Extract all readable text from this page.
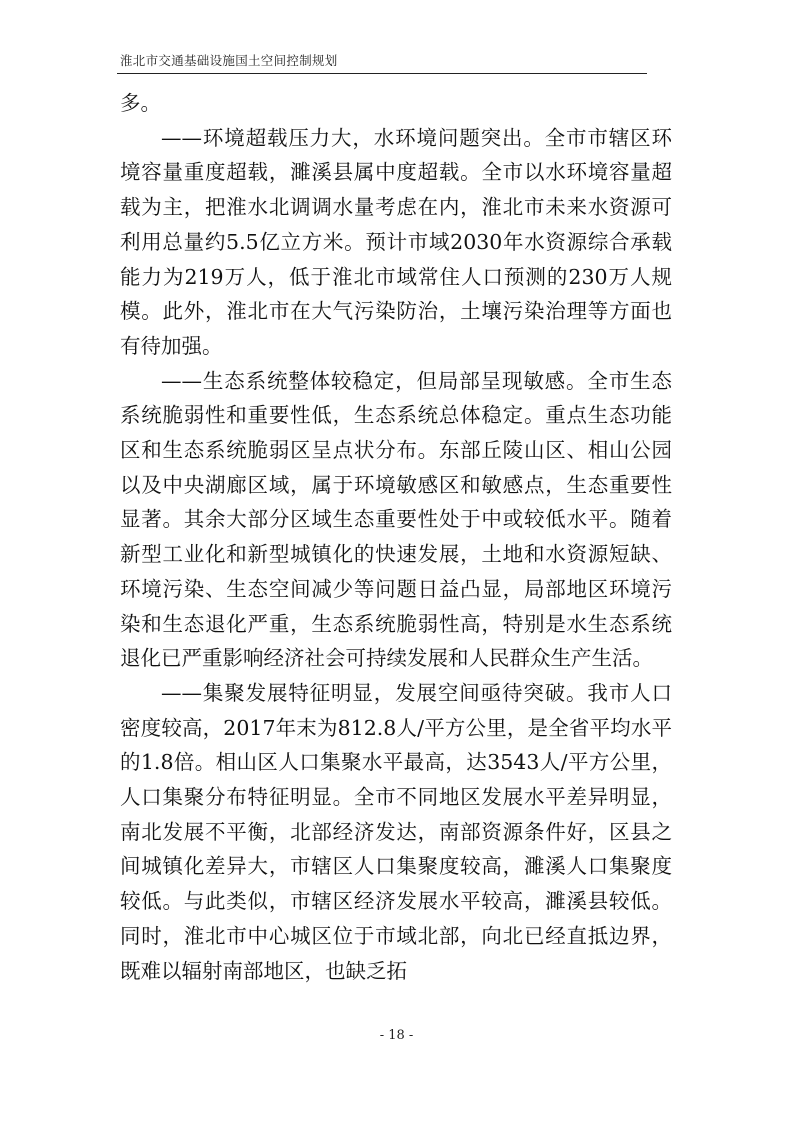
淮北市交通基础设施国土空间控制规划

多。

——环境超载压力大，水环境问题突出。全市市辖区环境容量重度超载，濉溪县属中度超载。全市以水环境容量超载为主，把淮水北调调水量考虑在内，淮北市未来水资源可利用总量约5.5亿立方米。预计市域2030年水资源综合承载能力为219万人，低于淮北市域常住人口预测的230万人规模。此外，淮北市在大气污染防治，土壤污染治理等方面也有待加强。

——生态系统整体较稳定，但局部呈现敏感。全市生态系统脆弱性和重要性低，生态系统总体稳定。重点生态功能区和生态系统脆弱区呈点状分布。东部丘陵山区、相山公园以及中央湖廊区域，属于环境敏感区和敏感点，生态重要性显著。其余大部分区域生态重要性处于中或较低水平。随着新型工业化和新型城镇化的快速发展，土地和水资源短缺、环境污染、生态空间减少等问题日益凸显，局部地区环境污染和生态退化严重，生态系统脆弱性高，特别是水生态系统退化已严重影响经济社会可持续发展和人民群众生产生活。

——集聚发展特征明显，发展空间亟待突破。我市人口密度较高，2017年末为812.8人/平方公里，是全省平均水平的1.8倍。相山区人口集聚水平最高，达3543人/平方公里，人口集聚分布特征明显。全市不同地区发展水平差异明显，南北发展不平衡，北部经济发达，南部资源条件好，区县之间城镇化差异大，市辖区人口集聚度较高，濉溪人口集聚度较低。与此类似，市辖区经济发展水平较高，濉溪县较低。同时，淮北市中心城区位于市域北部，向北已经直抵边界，既难以辐射南部地区，也缺乏拓

- 18 -
